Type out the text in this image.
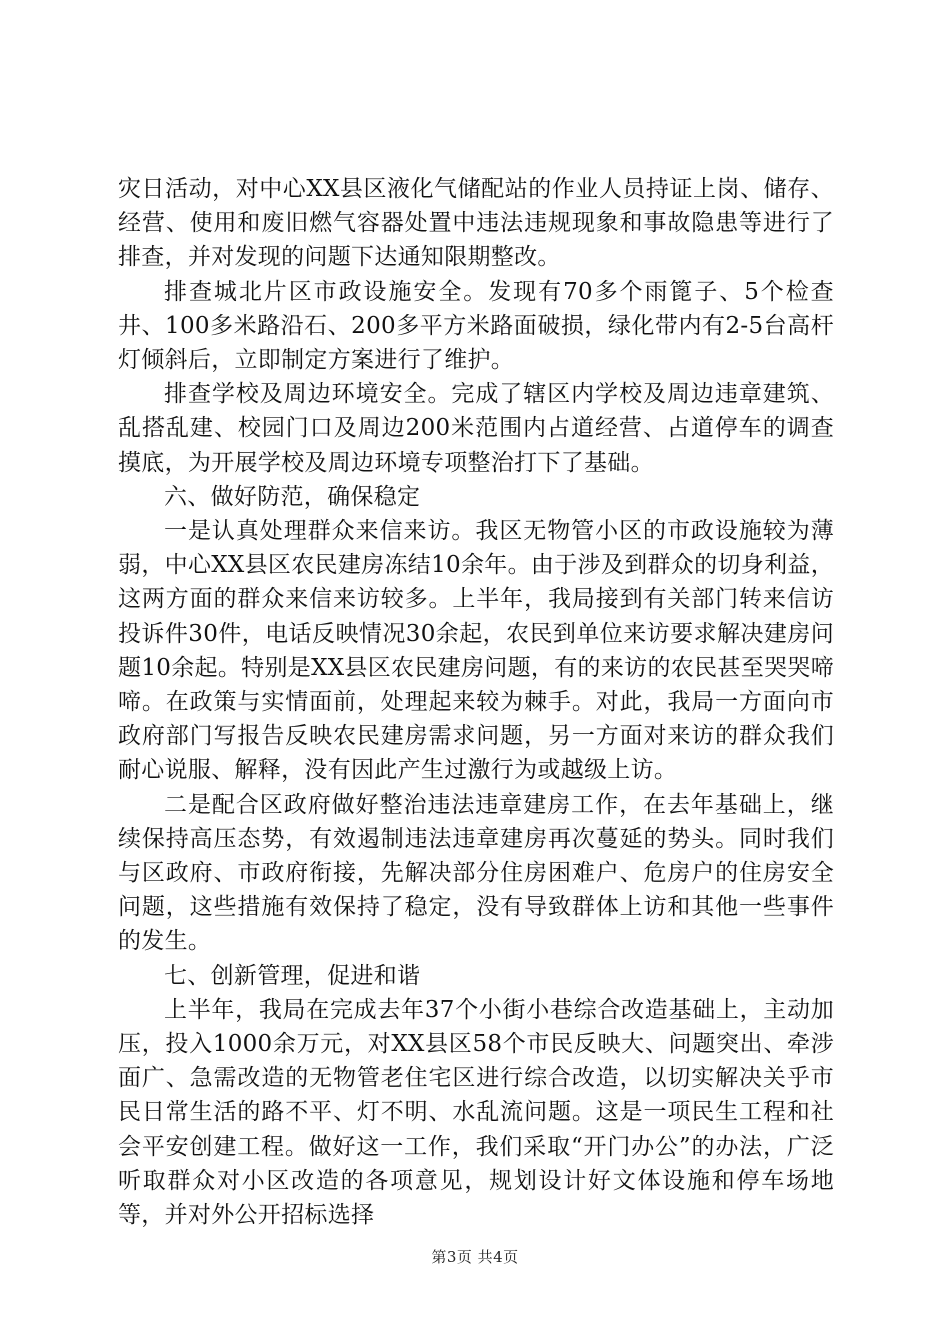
灾日活动，对中心XX县区液化气储配站的作业人员持证上岗、储存、经营、使用和废旧燃气容器处置中违法违规现象和事故隐患等进行了排查，并对发现的问题下达通知限期整改。

排查城北片区市政设施安全。发现有70多个雨篦子、5个检查井、100多米路沿石、200多平方米路面破损，绿化带内有2-5台高杆灯倾斜后，立即制定方案进行了维护。

排查学校及周边环境安全。完成了辖区内学校及周边违章建筑、乱搭乱建、校园门口及周边200米范围内占道经营、占道停车的调查摸底，为开展学校及周边环境专项整治打下了基础。

六、做好防范，确保稳定

一是认真处理群众来信来访。我区无物管小区的市政设施较为薄弱，中心XX县区农民建房冻结10余年。由于涉及到群众的切身利益，这两方面的群众来信来访较多。上半年，我局接到有关部门转来信访投诉件30件，电话反映情况30余起，农民到单位来访要求解决建房问题10余起。特别是XX县区农民建房问题，有的来访的农民甚至哭哭啼啼。在政策与实情面前，处理起来较为棘手。对此，我局一方面向市政府部门写报告反映农民建房需求问题，另一方面对来访的群众我们耐心说服、解释，没有因此产生过激行为或越级上访。

二是配合区政府做好整治违法违章建房工作，在去年基础上，继续保持高压态势，有效遏制违法违章建房再次蔓延的势头。同时我们与区政府、市政府衔接，先解决部分住房困难户、危房户的住房安全问题，这些措施有效保持了稳定，没有导致群体上访和其他一些事件的发生。

七、创新管理，促进和谐

上半年，我局在完成去年37个小街小巷综合改造基础上，主动加压，投入1000余万元，对XX县区58个市民反映大、问题突出、牵涉面广、急需改造的无物管老住宅区进行综合改造，以切实解决关乎市民日常生活的路不平、灯不明、水乱流问题。这是一项民生工程和社会平安创建工程。做好这一工作，我们采取“开门办公”的办法，广泛听取群众对小区改造的各项意见，规划设计好文体设施和停车场地等，并对外公开招标选择

第3页 共4页
